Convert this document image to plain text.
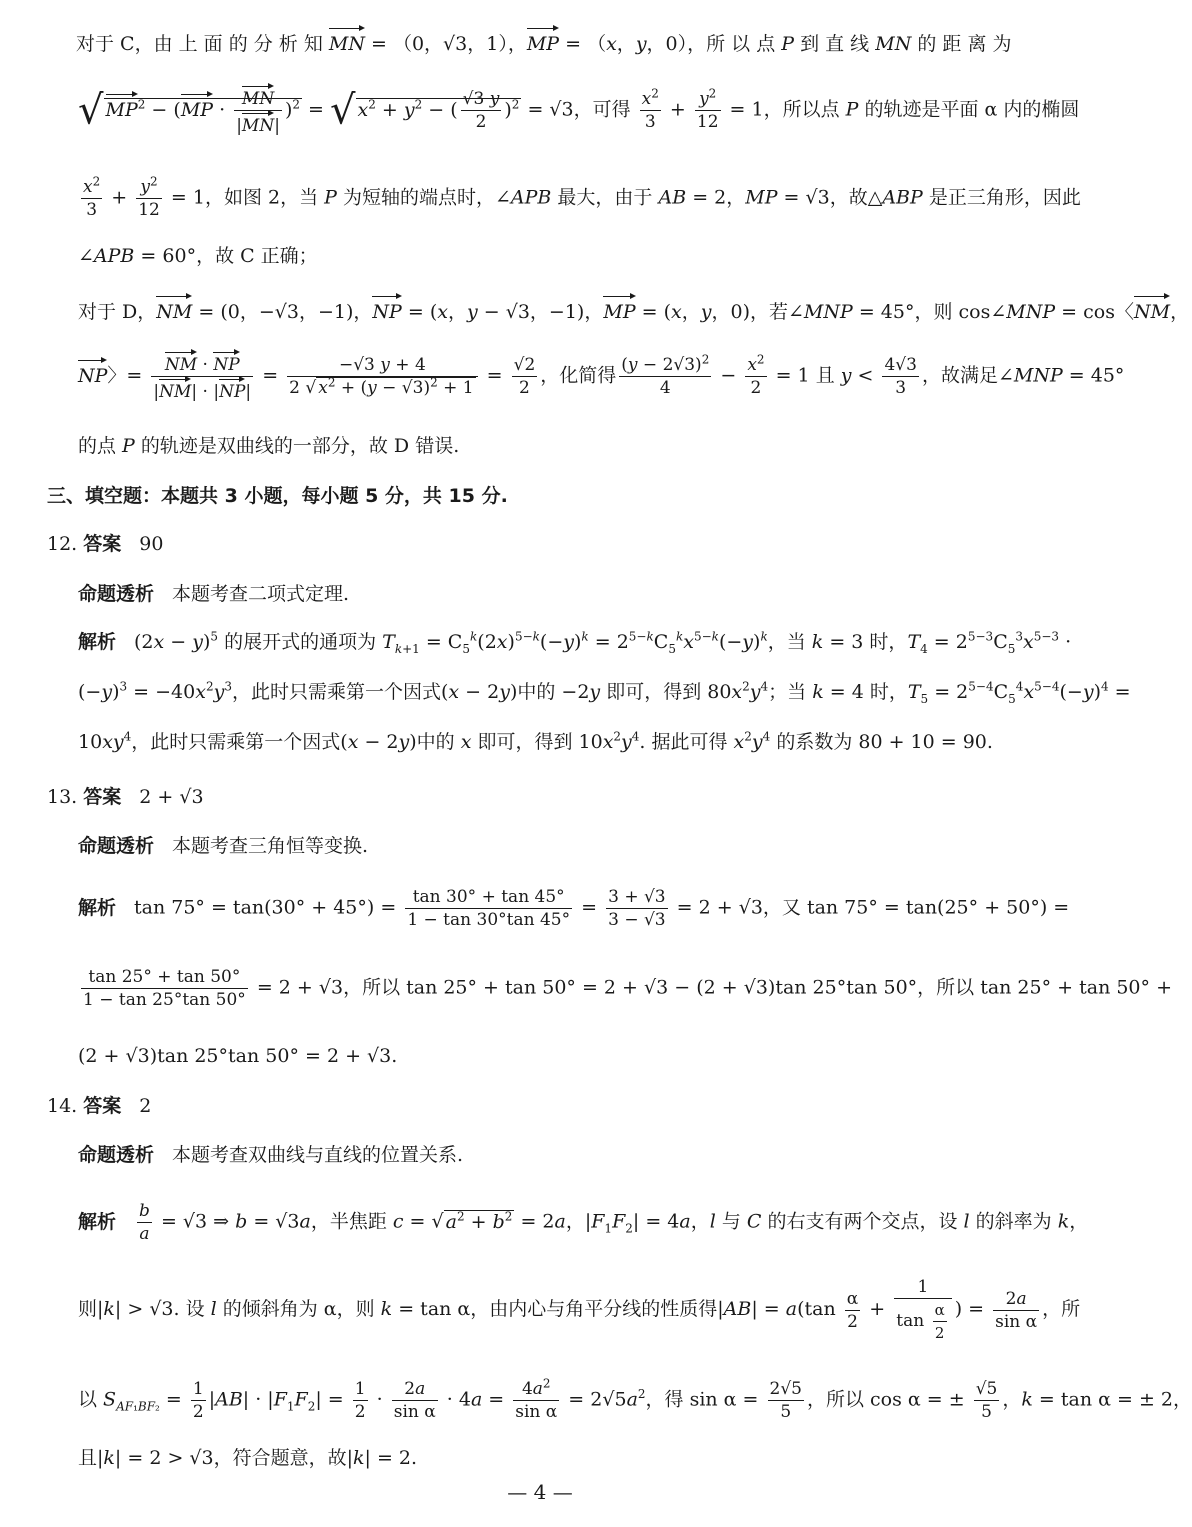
对于 C，由 上 面 的 分 析 知 MN = （0，√3，1），MP = （x，y，0），所 以 点 P 到 直 线 MN 的 距 离 为
√ $MP^2 - (MP \cdot \frac{MN}{|MN|} )^2$ = √ $x^2 + y^2$ − ( $\frac{√3 y}{2} )^2 = √3$，可得 $\frac{x^2}{3} + \frac{y^2}{12} = 1$，所以点 P 的轨迹是平面 α 内的椭圆
$\frac{x^2}{3} + \frac{y^2}{12} = 1$，如图 2，当 P 为短轴的端点时，∠APB 最大，由于 AB = 2，MP = √3，故△ABP 是正三角形，因此
∠APB = 60°，故 C 正确；
对于 D，NM = (0，−√3，−1)，NP = (x，y − √3，−1)，MP = (x，y，0)，若∠MNP = 45°，则 cos∠MNP = cos〈NM，
NP〉= $\frac{NM \cdot NP}{|NM| \cdot |NP|} = \frac{-√3 y + 4}{2 √ x^2 + (y - √3)^2 + 1} = \frac{√2}{2}$ ，化简得 $\frac{(y - 2√3)^2}{4} - \frac{x^2}{2} = 1$ 且 $y < \frac{4√3}{3}$ ，故满足∠MNP = 45°
的点 P 的轨迹是双曲线的一部分，故 D 错误.
三、填空题：本题共 3 小题，每小题 5 分，共 15 分.
12. 答案 90
命题透析 本题考查二项式定理.
解析 $(2x - y)^5$ 的展开式的通项为 $T_{k+1} = C_5^k(2x)^{5-k}(-y)^k = 2^{5-k}C_5^kx^{5-k}(-y)^k$，当 k = 3 时，$T_4 = 2^{5-3}C_5^3x^{5-3}$ ·
$(-y)^3 = -40x^2y^3$，此时只需乘第一个因式(x − 2y)中的 −2y 即可，得到 $80x^2y^4$；当 k = 4 时，$T_5 = 2^{5-4}C_5^4x^{5-4}(-y)^4$ =
$10xy^4$，此时只需乘第一个因式(x − 2y)中的 x 即可，得到 $10x^2y^4$. 据此可得 $x^2y^4$ 的系数为 80 + 10 = 90.
13. 答案 2 + √3
命题透析 本题考查三角恒等变换.
解析 $\tan 75^\circ = \tan(30^\circ + 45^\circ) = \frac{\tan 30^\circ + \tan 45^\circ}{1 - \tan 30^\circ\tan 45^\circ} = \frac{3 + √3}{3 - √3} = 2 + √3$，又 tan 75° = tan(25° + 50°) =
$\frac{\tan 25^\circ + \tan 50^\circ}{1 - \tan 25^\circ\tan 50^\circ} = 2 + √3$，所以 tan 25° + tan 50° = 2 + √3 − (2 + √3)tan 25°tan 50°，所以 tan 25° + tan 50° +
(2 + √3)tan 25°tan 50° = 2 + √3.
14. 答案 2
命题透析 本题考查双曲线与直线的位置关系.
解析 $\frac{b}{a} = √3$ ⇒ b = √3a，半焦距 c = √ $a^2 + b^2 = 2a$，$|F_1F_2| = 4a$，l 与 C 的右支有两个交点，设 l 的斜率为 k，
则|k| > √3. 设 l 的倾斜角为 α，则 k = tan α，由内心与角平分线的性质得$|AB| = a(\tan \frac{\alpha}{2} + \frac{1}{\tan \frac{\alpha}{2}}$ ) = $\frac{2a}{\text{sin α}}$ ，所
以 $S_{AF_1BF_2} = \frac{1}{2} |AB| \cdot |F_1F_2| = \frac{1}{2} \cdot \frac{2a}{\text{sin α}} \cdot 4a = \frac{4a^2}{\text{sin α}} = 2√5a^2$，得 $\sin \alpha = \frac{2√5}{5}$ ，所以 cos α = ± $\frac{√5}{5}$ ，k = tan α = ± 2，
且|k| = 2 > √3，符合题意，故|k| = 2.
— 4 —
